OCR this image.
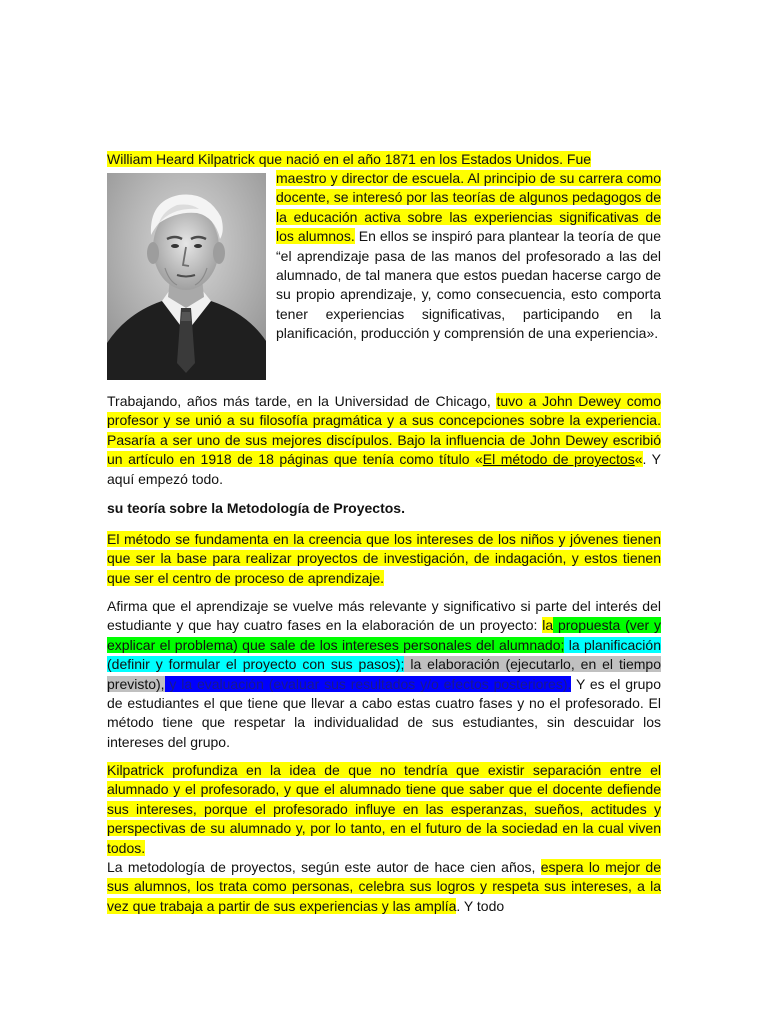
William Heard Kilpatrick que nació en el año 1871 en los Estados Unidos. Fue
maestro y director de escuela. Al principio de su carrera como docente, se interesó por las teorías de algunos pedagogos de la educación activa sobre las experiencias significativas de los alumnos. En ellos se inspiró para plantear la teoría de que “el aprendizaje pasa de las manos del profesorado a las del alumnado, de tal manera que estos puedan hacerse cargo de su propio aprendizaje, y, como consecuencia, esto comporta tener experiencias significativas, participando en la planificación, producción y comprensión de una experiencia».
Trabajando, años más tarde, en la Universidad de Chicago, tuvo a John Dewey como profesor y se unió a su filosofía pragmática y a sus concepciones sobre la experiencia. Pasaría a ser uno de sus mejores discípulos. Bajo la influencia de John Dewey escribió un artículo en 1918 de 18 páginas que tenía como título «El método de proyectos«. Y aquí empezó todo.
su teoría sobre la Metodología de Proyectos.
El método se fundamenta en la creencia que los intereses de los niños y jóvenes tienen que ser la base para realizar proyectos de investigación, de indagación, y estos tienen que ser el centro de proceso de aprendizaje.
Afirma que el aprendizaje se vuelve más relevante y significativo si parte del interés del estudiante y que hay cuatro fases en la elaboración de un proyecto: la propuesta (ver y explicar el problema) que sale de los intereses personales del alumnado; la planificación (definir y formular el proyecto con sus pasos); la elaboración (ejecutarlo, en el tiempo previsto), y la evaluación (evaluar sus resultados y/o efectos posteriores). Y es el grupo de estudiantes el que tiene que llevar a cabo estas cuatro fases y no el profesorado. El método tiene que respetar la individualidad de sus estudiantes, sin descuidar los intereses del grupo.
Kilpatrick profundiza en la idea de que no tendría que existir separación entre el alumnado y el profesorado, y que el alumnado tiene que saber que el docente defiende sus intereses, porque el profesorado influye en las esperanzas, sueños, actitudes y perspectivas de su alumnado y, por lo tanto, en el futuro de la sociedad en la cual viven todos.
La metodología de proyectos, según este autor de hace cien años, espera lo mejor de sus alumnos, los trata como personas, celebra sus logros y respeta sus intereses, a la vez que trabaja a partir de sus experiencias y las amplía. Y todo
